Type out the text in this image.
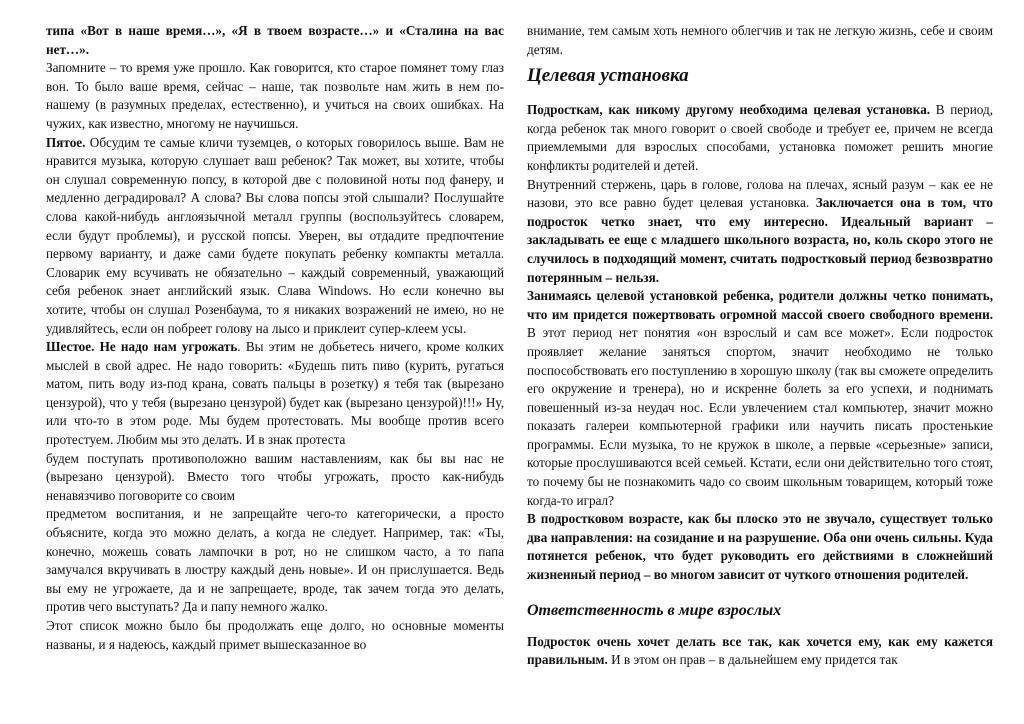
типа «Вот в наше время…», «Я в твоем возрасте…» и «Сталина на вас нет…».

Запомните – то время уже прошло. Как говорится, кто старое помянет тому глаз вон. То было ваше время, сейчас – наше, так позвольте нам жить в нем по-нашему (в разумных пределах, естественно), и учиться на своих ошибках. На чужих, как известно, многому не научишься.

Пятое. Обсудим те самые кличи туземцев, о которых говорилось выше. Вам не нравится музыка, которую слушает ваш ребенок? Так может, вы хотите, чтобы он слушал современную попсу, в которой две с половиной ноты под фанеру, и медленно деградировал? А слова? Вы слова попсы этой слышали? Послушайте слова какой-нибудь англоязычной металл группы (воспользуйтесь словарем, если будут проблемы), и русской попсы. Уверен, вы отдадите предпочтение первому варианту, и даже сами будете покупать ребенку компакты металла. Словарик ему всучивать не обязательно – каждый современный, уважающий себя ребенок знает английский язык. Слава Windows. Но если конечно вы хотите, чтобы он слушал Розенбаума, то я никаких возражений не имею, но не удивляйтесь, если он побреет голову на лысо и приклеит супер-клеем усы.

Шестое. Не надо нам угрожать. Вы этим не добьетесь ничего, кроме колких мыслей в свой адрес. Не надо говорить: «Будешь пить пиво (курить, ругаться матом, пить воду из-под крана, совать пальцы в розетку) я тебя так (вырезано цензурой), что у тебя (вырезано цензурой) будет как (вырезано цензурой)!!!» Ну, или что-то в этом роде. Мы будем протестовать. Мы вообще против всего протестуем. Любим мы это делать. И в знак протеста

будем поступать противоположно вашим наставлениям, как бы вы нас не (вырезано цензурой). Вместо того чтобы угрожать, просто как-нибудь ненавязчиво поговорите со своим

предметом воспитания, и не запрещайте чего-то категорически, а просто объясните, когда это можно делать, а когда не следует. Например, так: «Ты, конечно, можешь совать лампочки в рот, но не слишком часто, а то папа замучался вкручивать в люстру каждый день новые». И он прислушается. Ведь вы ему не угрожаете, да и не запрещаете, вроде, так зачем тогда это делать, против чего выступать? Да и папу немного жалко.

Этот список можно было бы продолжать еще долго, но основные моменты названы, и я надеюсь, каждый примет вышесказанное во

внимание, тем самым хоть немного облегчив и так не легкую жизнь, себе и своим детям.

Целевая установка

Подросткам, как никому другому необходима целевая установка. В период, когда ребенок так много говорит о своей свободе и требует ее, причем не всегда приемлемыми для взрослых способами, установка поможет решить многие конфликты родителей и детей.

Внутренний стержень, царь в голове, голова на плечах, ясный разум – как ее не назови, это все равно будет целевая установка. Заключается она в том, что подросток четко знает, что ему интересно. Идеальный вариант – закладывать ее еще с младшего школьного возраста, но, коль скоро этого не случилось в подходящий момент, считать подростковый период безвозвратно потерянным – нельзя.

Занимаясь целевой установкой ребенка, родители должны четко понимать, что им придется пожертвовать огромной массой своего свободного времени. В этот период нет понятия «он взрослый и сам все может». Если подросток проявляет желание заняться спортом, значит необходимо не только поспособствовать его поступлению в хорошую школу (так вы сможете определить его окружение и тренера), но и искренне болеть за его успехи, и поднимать повешенный из-за неудач нос. Если увлечением стал компьютер, значит можно показать галереи компьютерной графики или научить писать простенькие программы. Если музыка, то не кружок в школе, а первые «серьезные» записи, которые прослушиваются всей семьей. Кстати, если они действительно того стоят, то почему бы не познакомить чадо со своим школьным товарищем, который тоже когда-то играл?

В подростковом возрасте, как бы плоско это не звучало, существует только два направления: на созидание и на разрушение. Оба они очень сильны. Куда потянется ребенок, что будет руководить его действиями в сложнейший жизненный период – во многом зависит от чуткого отношения родителей.

Ответственность в мире взрослых

Подросток очень хочет делать все так, как хочется ему, как ему кажется правильным. И в этом он прав – в дальнейшем ему придется так
